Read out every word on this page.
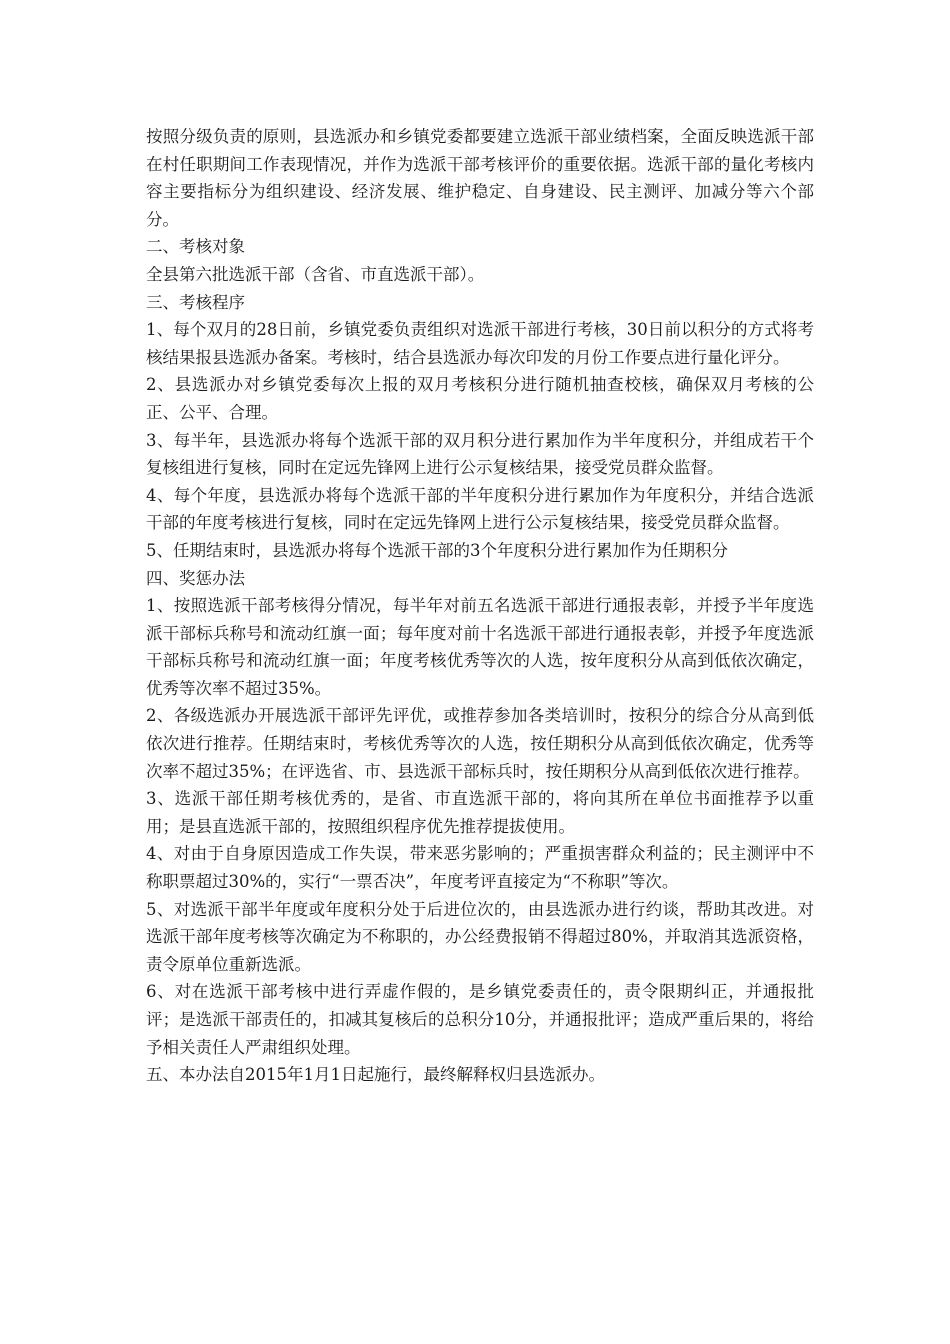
按照分级负责的原则，县选派办和乡镇党委都要建立选派干部业绩档案，全面反映选派干部在村任职期间工作表现情况，并作为选派干部考核评价的重要依据。选派干部的量化考核内容主要指标分为组织建设、经济发展、维护稳定、自身建设、民主测评、加减分等六个部分。

二、考核对象

全县第六批选派干部（含省、市直选派干部）。

三、考核程序

1、每个双月的28日前，乡镇党委负责组织对选派干部进行考核，30日前以积分的方式将考核结果报县选派办备案。考核时，结合县选派办每次印发的月份工作要点进行量化评分。

2、县选派办对乡镇党委每次上报的双月考核积分进行随机抽查校核，确保双月考核的公正、公平、合理。

3、每半年，县选派办将每个选派干部的双月积分进行累加作为半年度积分，并组成若干个复核组进行复核，同时在定远先锋网上进行公示复核结果，接受党员群众监督。

4、每个年度，县选派办将每个选派干部的半年度积分进行累加作为年度积分，并结合选派干部的年度考核进行复核，同时在定远先锋网上进行公示复核结果，接受党员群众监督。

5、任期结束时，县选派办将每个选派干部的3个年度积分进行累加作为任期积分

四、奖惩办法

1、按照选派干部考核得分情况，每半年对前五名选派干部进行通报表彰，并授予半年度选派干部标兵称号和流动红旗一面；每年度对前十名选派干部进行通报表彰，并授予年度选派干部标兵称号和流动红旗一面；年度考核优秀等次的人选，按年度积分从高到低依次确定，优秀等次率不超过35%。

2、各级选派办开展选派干部评先评优，或推荐参加各类培训时，按积分的综合分从高到低依次进行推荐。任期结束时，考核优秀等次的人选，按任期积分从高到低依次确定，优秀等次率不超过35%；在评选省、市、县选派干部标兵时，按任期积分从高到低依次进行推荐。

3、选派干部任期考核优秀的，是省、市直选派干部的，将向其所在单位书面推荐予以重用；是县直选派干部的，按照组织程序优先推荐提拔使用。

4、对由于自身原因造成工作失误，带来恶劣影响的；严重损害群众利益的；民主测评中不称职票超过30%的，实行“一票否决”，年度考评直接定为“不称职”等次。

5、对选派干部半年度或年度积分处于后进位次的，由县选派办进行约谈，帮助其改进。对选派干部年度考核等次确定为不称职的，办公经费报销不得超过80%，并取消其选派资格，责令原单位重新选派。

6、对在选派干部考核中进行弄虚作假的，是乡镇党委责任的，责令限期纠正，并通报批评；是选派干部责任的，扣减其复核后的总积分10分，并通报批评；造成严重后果的，将给予相关责任人严肃组织处理。

五、本办法自2015年1月1日起施行，最终解释权归县选派办。
